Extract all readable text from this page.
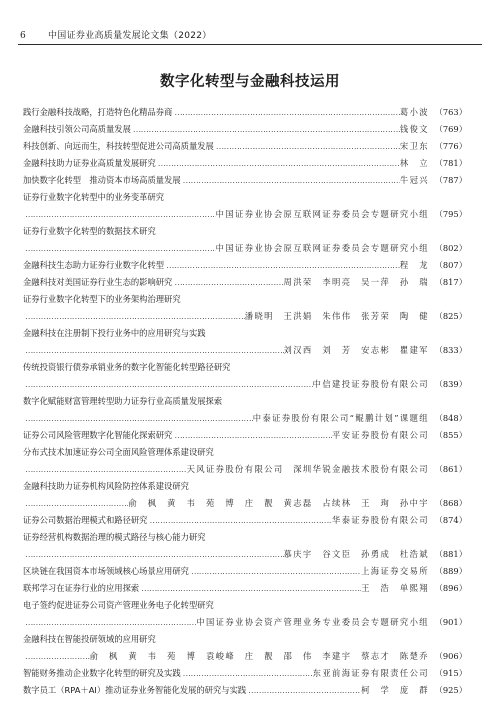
6 中国证券业高质量发展论文集（2022）
数字化转型与金融科技运用
践行金融科技战略，打造特色化精品券商 ……………………………………………………………………………………………………………………………………………………………………………………………………	葛小波 （763）
金融科技引领公司高质量发展 ……………………………………………………………………………………………………………………………………………………………………………………………………	钱俊文 （769）
科技创新、向远而生，科技转型促进公司高质量发展 ……………………………………………………………………………………………………………………………………………………………………………………………………	宋卫东 （776）
金融科技助力证券业高质量发展研究 ……………………………………………………………………………………………………………………………………………………………………………………………………	林　立 （781）
加快数字化转型　推动资本市场高质量发展 ……………………………………………………………………………………………………………………………………………………………………………………………………	牛冠兴 （787）
证券行业数字化转型中的业务变革研究
……………………………………………………………………………………………………………………………………………………………………………………………………
中国证券业协会原互联网证券委员会专题研究小组 （795）
证券行业数字化转型的数据技术研究
……………………………………………………………………………………………………………………………………………………………………………………………………
中国证券业协会原互联网证券委员会专题研究小组 （802）
金融科技生态助力证券行业数字化转型 ……………………………………………………………………………………………………………………………………………………………………………………………………	程　龙 （807）
金融科技对美国证券行业生态的影响研究 ……………………………………………………………………………………………………………………………………………………………………………………………………	周洪荣　李明亮　吴一萍　孙　瑞 （817）
证券行业数字化转型下的业务架构治理研究
……………………………………………………………………………………………………………………………………………………………………………………………………
潘晓明　王洪娟　朱伟伟　张芳荣　陶　健 （825）
金融科技在注册制下投行业务中的应用研究与实践
……………………………………………………………………………………………………………………………………………………………………………………………………
刘汉西　刘　芳　安志彬　瞿建军 （833）
传统投资银行债券承销业务的数字化智能化转型路径研究
……………………………………………………………………………………………………………………………………………………………………………………………………
中信建投证券股份有限公司 （839）
数字化赋能财富管理转型助力证券行业高质量发展探索
……………………………………………………………………………………………………………………………………………………………………………………………………
中泰证券股份有限公司“鲲鹏计划”课题组 （848）
证券公司风险管理数字化智能化探索研究 ……………………………………………………………………………………………………………………………………………………………………………………………………	平安证券股份有限公司 （855）
分布式技术加速证券公司全面风险管理体系建设研究
……………………………………………………………………………………………………………………………………………………………………………………………………
天风证券股份有限公司　深圳华锐金融技术股份有限公司 （861）
金融科技助力证券机构风险防控体系建设研究
……………………………………………………………………………………………………………………………………………………………………………………………………
俞　枫　黄　韦　苑　博　庄　靓　黄志磊　占续林　王　珣　孙中宇 （868）
证券公司数据治理模式和路径研究 ……………………………………………………………………………………………………………………………………………………………………………………………………	华泰证券股份有限公司 （874）
证券经营机构数据治理的模式路径与核心能力研究
……………………………………………………………………………………………………………………………………………………………………………………………………
慕庆宇　谷文臣　孙勇成　杜浩斌 （881）
区块链在我国资本市场领域核心场景应用研究 ……………………………………………………………………………………………………………………………………………………………………………………………………	上海证券交易所 （889）
联邦学习在证券行业的应用探索 ……………………………………………………………………………………………………………………………………………………………………………………………………	王　浩　单熙翔 （896）
电子签约促进证券公司资产管理业务电子化转型研究
……………………………………………………………………………………………………………………………………………………………………………………………………
中国证券业协会资产管理业务专业委员会专题研究小组 （901）
金融科技在智能投研领域的应用研究
……………………………………………………………………………………………………………………………………………………………………………………………………
俞　枫　黄　韦　苑　博　袁峻峰　庄　靓　邵　伟　李建宇　蔡志才　陈楚乔 （906）
智能财务推动企业数字化转型的研究及实践 ……………………………………………………………………………………………………………………………………………………………………………………………………	东亚前海证券有限责任公司 （915）
数字员工（RPA＋AI）推动证券业务智能化发展的研究与实践 ……………………………………………………………………………………………………………………………………………………………………………………………………	柯　学　庞　群 （925）
